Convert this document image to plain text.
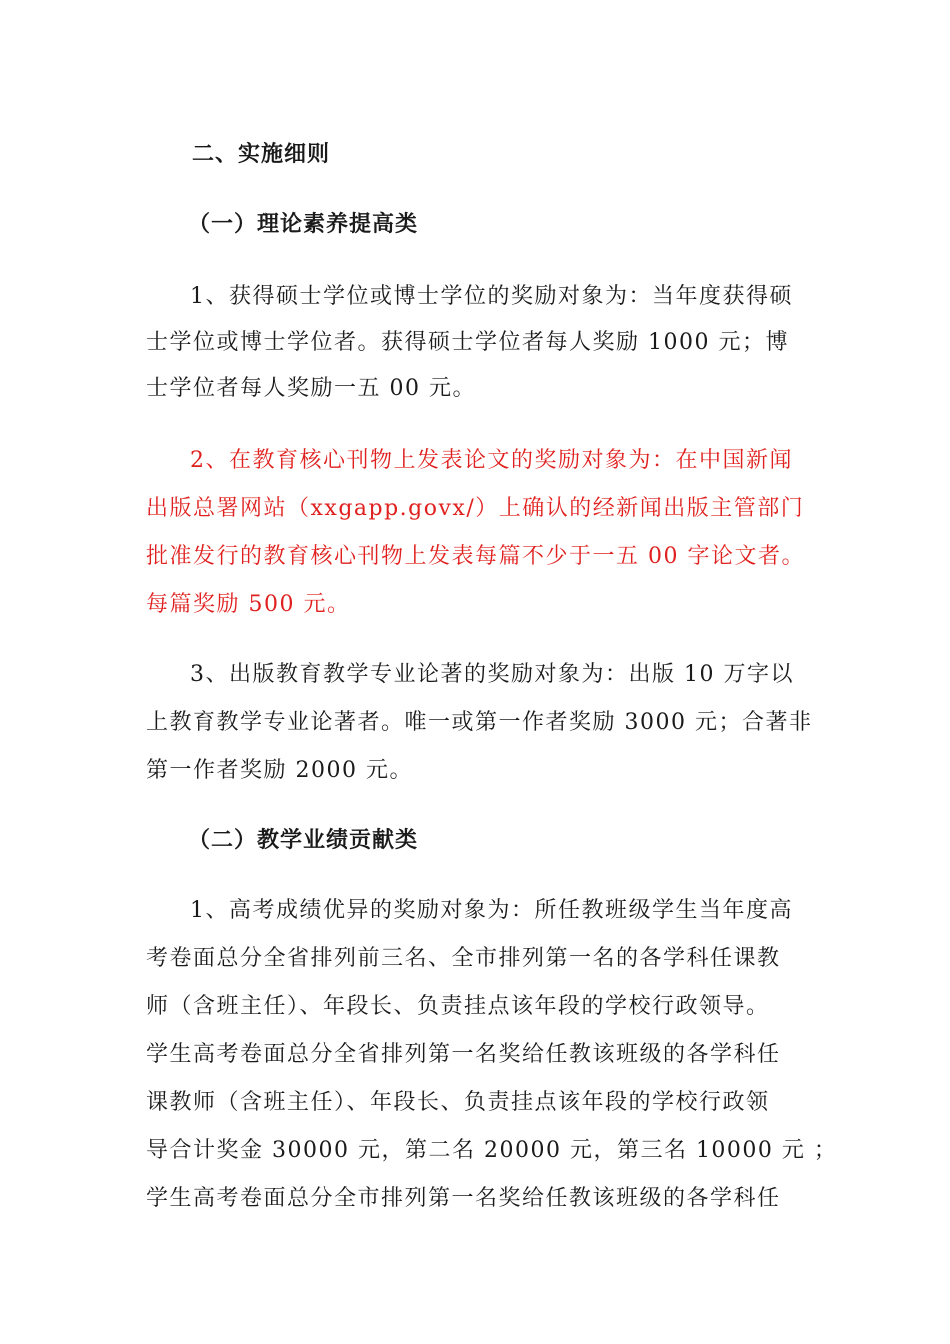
二、实施细则
（一）理论素养提高类
1、获得硕士学位或博士学位的奖励对象为：当年度获得硕
士学位或博士学位者。获得硕士学位者每人奖励 1000 元；博
士学位者每人奖励一五 00 元。
2、在教育核心刊物上发表论文的奖励对象为：在中国新闻
出版总署网站（xxgapp.govx/）上确认的经新闻出版主管部门
批准发行的教育核心刊物上发表每篇不少于一五 00 字论文者。
每篇奖励 500 元。
3、出版教育教学专业论著的奖励对象为：出版 10 万字以
上教育教学专业论著者。唯一或第一作者奖励 3000 元；合著非
第一作者奖励 2000 元。
（二）教学业绩贡献类
1、高考成绩优异的奖励对象为：所任教班级学生当年度高
考卷面总分全省排列前三名、全市排列第一名的各学科任课教
师（含班主任）、年段长、负责挂点该年段的学校行政领导。
学生高考卷面总分全省排列第一名奖给任教该班级的各学科任
课教师（含班主任）、年段长、负责挂点该年段的学校行政领
导合计奖金 30000 元，第二名 20000 元，第三名 10000 元 ；
学生高考卷面总分全市排列第一名奖给任教该班级的各学科任
